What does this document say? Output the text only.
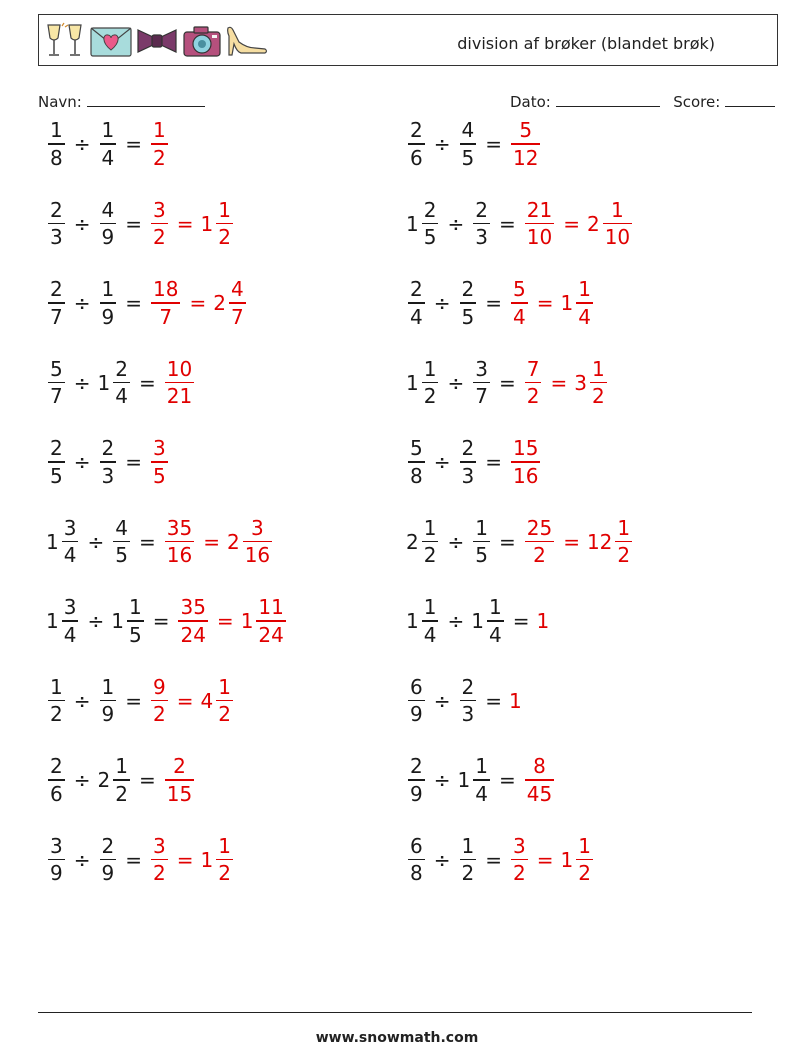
division af brøker (blandet brøk)
Navn:	Dato:	Score:
$\frac{1}{8} \div \frac{1}{4} = \frac{1}{2}$	$\frac{2}{6} \div \frac{4}{5} = \frac{5}{12}$
$\frac{2}{3} \div \frac{4}{9} = \frac{3}{2} = 1 \frac{1}{2}$	$1 \frac{2}{5} \div \frac{2}{3} = \frac{21}{10} = 2 \frac{1}{10}$
$\frac{2}{7} \div \frac{1}{9} = \frac{18}{7} = 2 \frac{4}{7}$	$\frac{2}{4} \div \frac{2}{5} = \frac{5}{4} = 1 \frac{1}{4}$
$\frac{5}{7} \div 1 \frac{2}{4} = \frac{10}{21}$	$1 \frac{1}{2} \div \frac{3}{7} = \frac{7}{2} = 3 \frac{1}{2}$
$\frac{2}{5} \div \frac{2}{3} = \frac{3}{5}$	$\frac{5}{8} \div \frac{2}{3} = \frac{15}{16}$
$1 \frac{3}{4} \div \frac{4}{5} = \frac{35}{16} = 2 \frac{3}{16}$	$2 \frac{1}{2} \div \frac{1}{5} = \frac{25}{2} = 12 \frac{1}{2}$
$1 \frac{3}{4} \div 1 \frac{1}{5} = \frac{35}{24} = 1 \frac{11}{24}$	$1 \frac{1}{4} \div 1 \frac{1}{4} = 1$
$\frac{1}{2} \div \frac{1}{9} = \frac{9}{2} = 4 \frac{1}{2}$	$\frac{6}{9} \div \frac{2}{3} = 1$
$\frac{2}{6} \div 2 \frac{1}{2} = \frac{2}{15}$	$\frac{2}{9} \div 1 \frac{1}{4} = \frac{8}{45}$
$\frac{3}{9} \div \frac{2}{9} = \frac{3}{2} = 1 \frac{1}{2}$	$\frac{6}{8} \div \frac{1}{2} = \frac{3}{2} = 1 \frac{1}{2}$
www.snowmath.com
